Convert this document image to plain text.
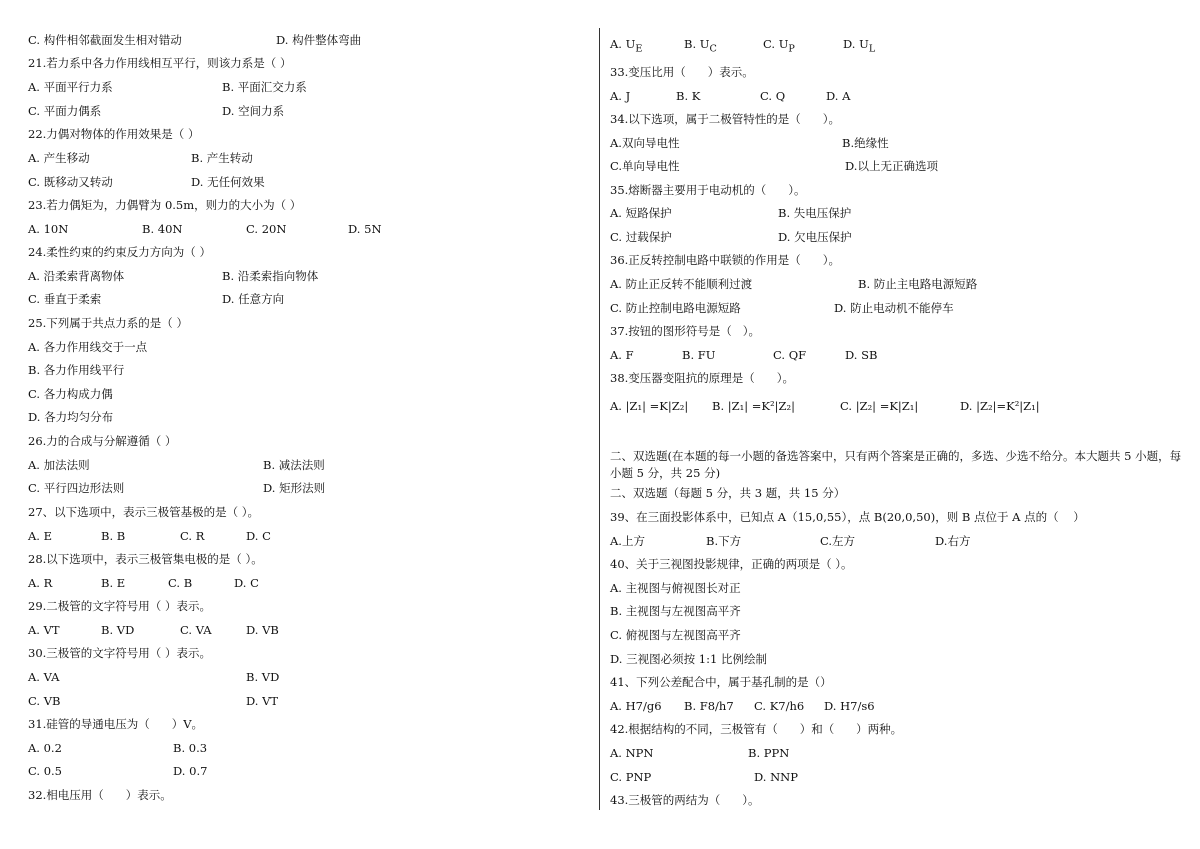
C. 构件相邻截面发生相对错动	D. 构件整体弯曲
21.若力系中各力作用线相互平行，则该力系是（ ）
A. 平面平行力系	B. 平面汇交力系
C. 平面力偶系	D. 空间力系
22.力偶对物体的作用效果是（ ）
A. 产生移动	B. 产生转动
C. 既移动又转动	D. 无任何效果
23.若力偶矩为，力偶臂为 0.5m，则力的大小为（ ）
A. 10N	B. 40N	C. 20N	D. 5N
24.柔性约束的约束反力方向为（ ）
A. 沿柔索背离物体	B. 沿柔索指向物体
C. 垂直于柔索	D. 任意方向
25.下列属于共点力系的是（ ）
A. 各力作用线交于一点
B. 各力作用线平行
C. 各力构成力偶
D. 各力均匀分布
26.力的合成与分解遵循（ ）
A. 加法法则	B. 减法法则
C. 平行四边形法则	D. 矩形法则
27、以下选项中，表示三极管基极的是（ ）。
A. E	B. B	C. R	D. C
28.以下选项中，表示三极管集电极的是（ ）。
A. R	B. E	C. B	D. C
29.二极管的文字符号用（ ）表示。
A. VT	B. VD	C. VA	D. VB
30.三极管的文字符号用（ ）表示。
A. VA	B. VD
C. VB	D. VT
31.硅管的导通电压为（      ）V。
A. 0.2	B. 0.3
C. 0.5	D. 0.7
32.相电压用（      ）表示。
A. $U_E$	B. $U_C$	C. $U_P$	D. $U_L$
33.变压比用（      ）表示。
A. J	B. K	C. Q	D. A
34.以下选项，属于二极管特性的是（      ）。
A.双向导电性	B.绝缘性
C.单向导电性	D.以上无正确选项
35.熔断器主要用于电动机的（      ）。
A. 短路保护	B. 失电压保护
C. 过载保护	D. 欠电压保护
36.正反转控制电路中联锁的作用是（      ）。
A. 防止正反转不能顺利过渡	B. 防止主电路电源短路
C. 防止控制电路电源短路	D. 防止电动机不能停车
37.按钮的图形符号是（   ）。
A. F	B. FU	C. QF	D. SB
38.变压器变阻抗的原理是（      ）。
A. |Z₁| =K|Z₂| B. |Z₁| =K²|Z₂|	C. |Z₂| =K|Z₁|	D. |Z₂|=K²|Z₁|
二、双选题(在本题的每一小题的备选答案中，只有两个答案是正确的，多选、少选不给分。本大题共 5 小题，每小题 5 分，共 25 分)
二、双选题（每题 5 分，共 3 题，共 15 分）
39、在三面投影体系中，已知点 A（15,0,55），点 B(20,0,50)，则 B 点位于 A 点的（    ）
A.上方	B.下方	C.左方	D.右方
40、关于三视图投影规律，正确的两项是（ ）。
A. 主视图与俯视图长对正
B. 主视图与左视图高平齐
C. 俯视图与左视图高平齐
D. 三视图必须按 1:1 比例绘制
41、下列公差配合中，属于基孔制的是（）
A. H7/g6 B. F8/h7 C. K7/h6 D. H7/s6
42.根据结构的不同，三极管有（      ）和（      ）两种。
A. NPN	B. PPN
C. PNP	D. NNP
43.三极管的两结为（      ）。
